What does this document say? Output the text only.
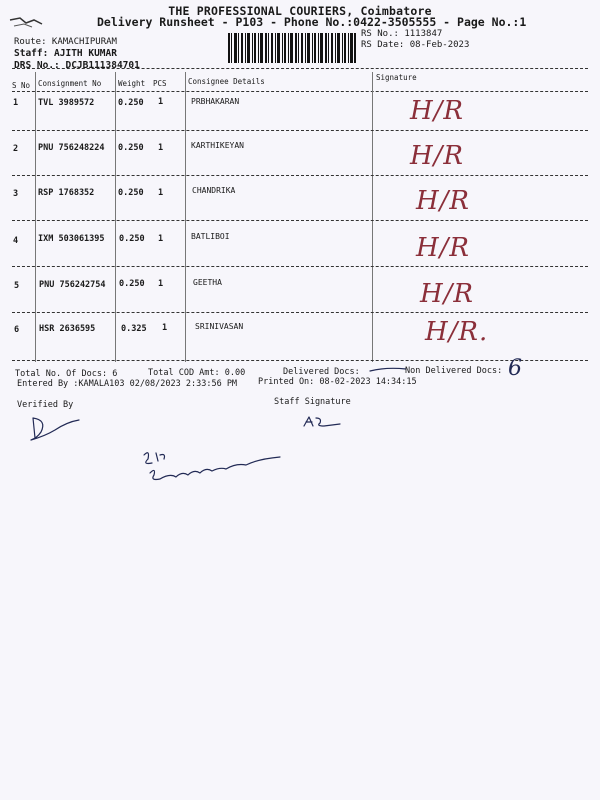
THE PROFESSIONAL COURIERS, Coimbatore
Delivery Runsheet - P103 - Phone No.:0422-3505555 - Page No.:1
Route: KAMACHIPURAM
Staff: AJITH KUMAR
DRS No.: DCJB111384701
RS No.: 1113847
RS Date: 08-Feb-2023
S No Consignment No Weight PCS	Consignee Details	Signature
1 TVL 3989572	0.250 1	PRBHAKARAN	H/R
2 PNU 756248224 0.250 1	KARTHIKEYAN	H/R
3 RSP 1768352	0.250 1	CHANDRIKA	H/R
4 IXM 503061395 0.250 1	BATLIBOI	H/R
5 PNU 756242754 0.250 1	GEETHA	H/R
6 HSR 2636595	0.325 1	SRINIVASAN	H/R.
Total No. Of Docs: 6	Total COD Amt: 0.00	Delivered Docs:	Non Delivered Docs: 6
Entered By :KAMALA103 02/08/2023 2:33:56 PM Printed On: 08-02-2023 14:34:15
Verified By	Staff Signature
